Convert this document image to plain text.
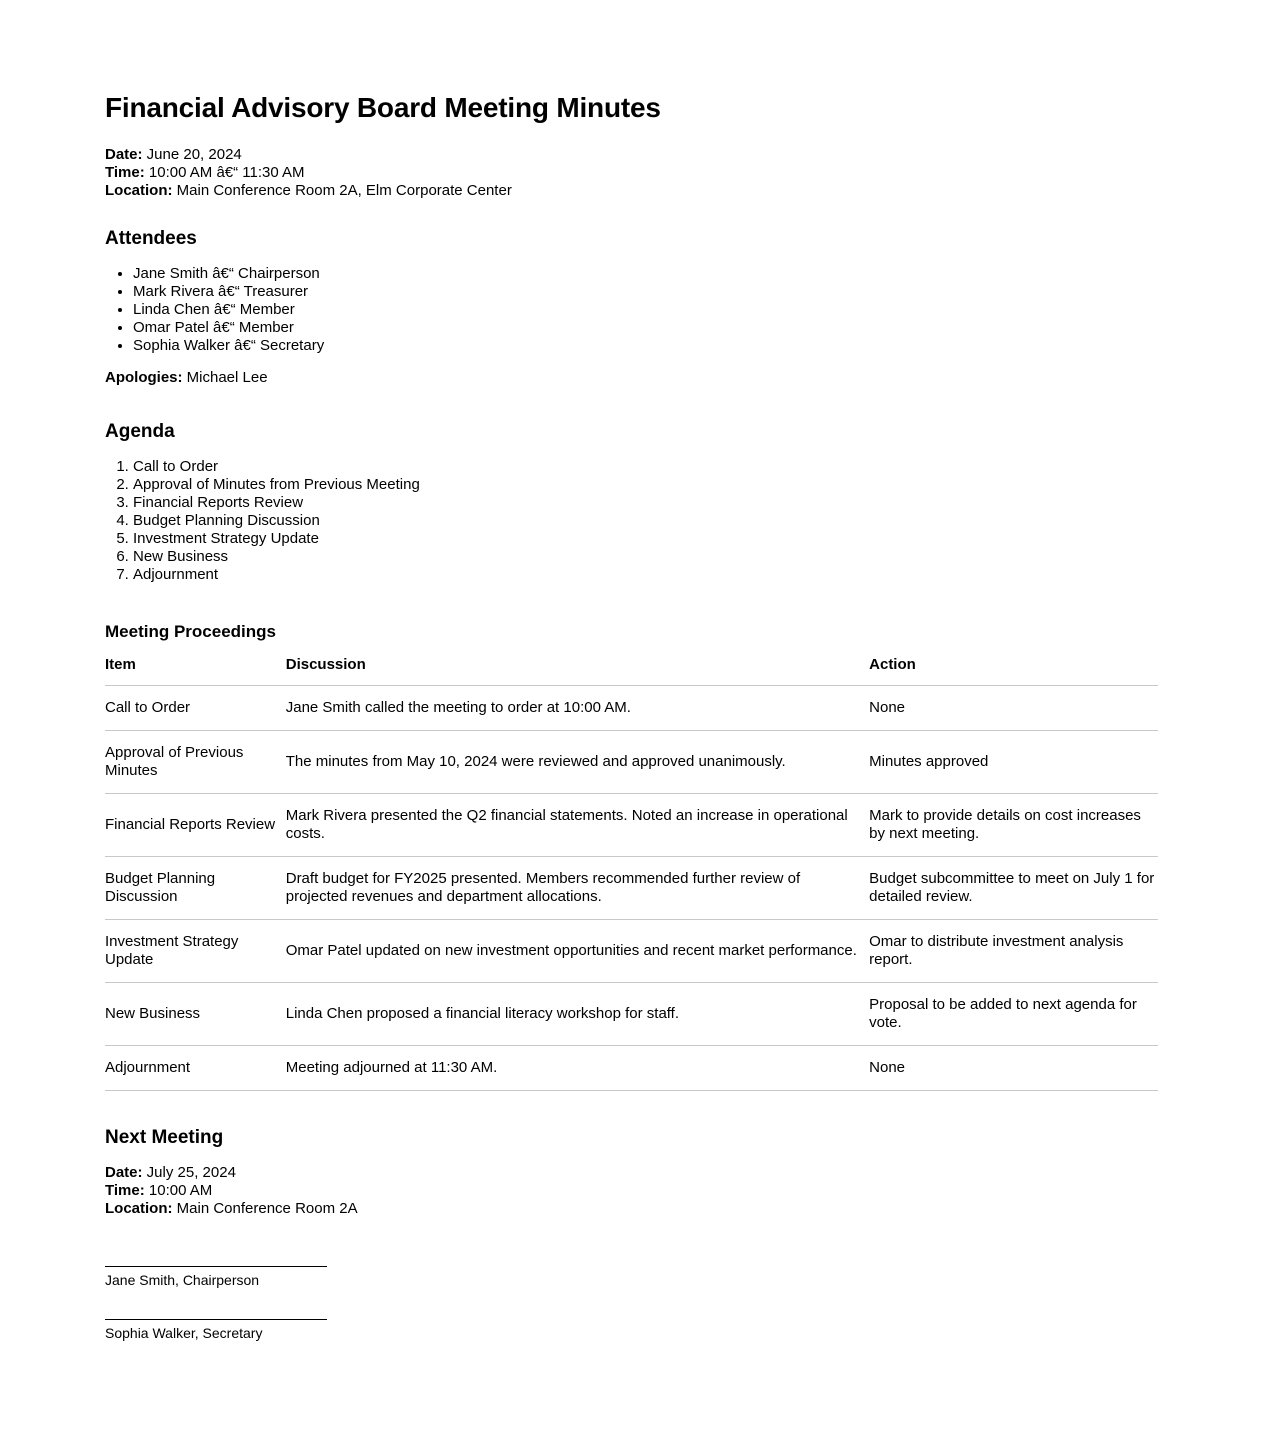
Financial Advisory Board Meeting Minutes
Date: June 20, 2024
Time: 10:00 AM â€“ 11:30 AM
Location: Main Conference Room 2A, Elm Corporate Center
Attendees
• Jane Smith â€“ Chairperson
• Mark Rivera â€“ Treasurer
• Linda Chen â€“ Member
• Omar Patel â€“ Member
• Sophia Walker â€“ Secretary
Apologies: Michael Lee
Agenda
1. Call to Order
2. Approval of Minutes from Previous Meeting
3. Financial Reports Review
4. Budget Planning Discussion
5. Investment Strategy Update
6. New Business
7. Adjournment
Meeting Proceedings
Item	Discussion	Action
Call to Order	Jane Smith called the meeting to order at 10:00 AM.	None
Approval of Previous Minutes	The minutes from May 10, 2024 were reviewed and approved unanimously.	Minutes approved
Financial Reports Review	Mark Rivera presented the Q2 financial statements. Noted an increase in operational costs.	Mark to provide details on cost increases by next meeting.
Budget Planning Discussion	Draft budget for FY2025 presented. Members recommended further review of projected revenues and department allocations.	Budget subcommittee to meet on July 1 for detailed review.
Investment Strategy Update	Omar Patel updated on new investment opportunities and recent market performance.	Omar to distribute investment analysis report.
New Business	Linda Chen proposed a financial literacy workshop for staff.	Proposal to be added to next agenda for vote.
Adjournment	Meeting adjourned at 11:30 AM.	None
Next Meeting
Date: July 25, 2024
Time: 10:00 AM
Location: Main Conference Room 2A
Jane Smith, Chairperson
Sophia Walker, Secretary
